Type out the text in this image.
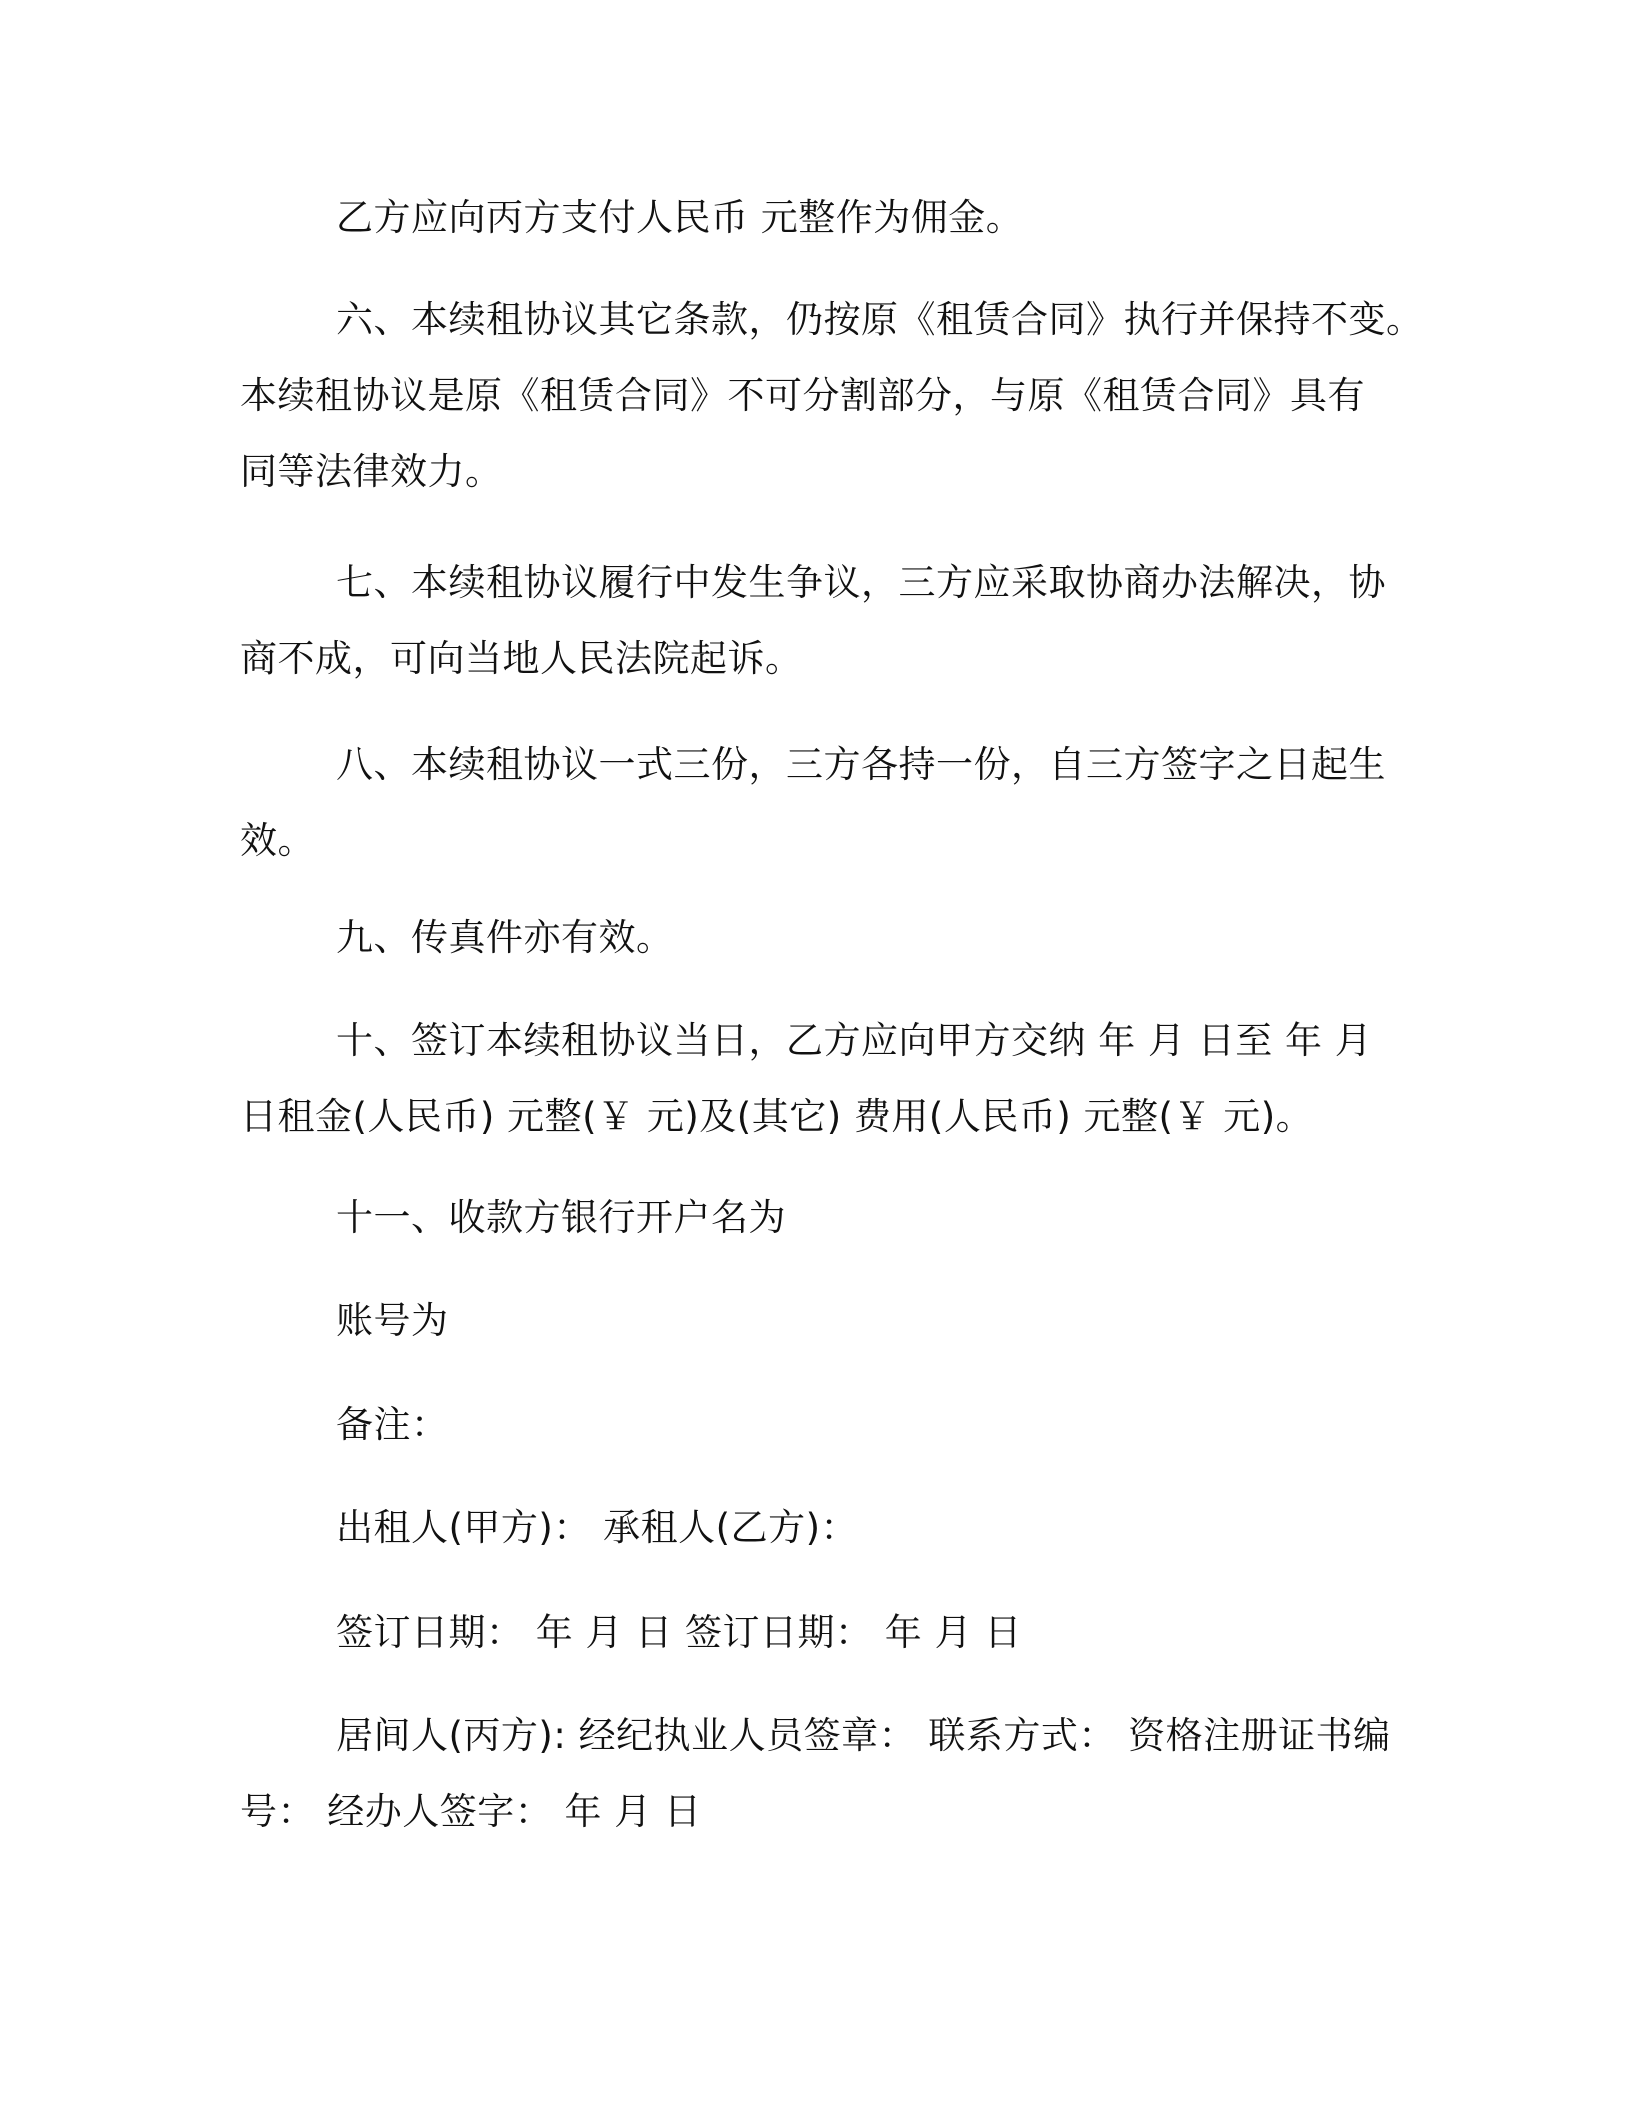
乙方应向丙方支付人民币 元整作为佣金。

六、本续租协议其它条款，仍按原《租赁合同》执行并保持不变。
本续租协议是原《租赁合同》不可分割部分，与原《租赁合同》具有
同等法律效力。

七、本续租协议履行中发生争议，三方应采取协商办法解决，协
商不成，可向当地人民法院起诉。

八、本续租协议一式三份，三方各持一份，自三方签字之日起生
效。

九、传真件亦有效。

十、签订本续租协议当日，乙方应向甲方交纳 年 月 日至 年 月
日租金(人民币) 元整(￥ 元)及(其它) 费用(人民币) 元整(￥ 元)。

十一、收款方银行开户名为

账号为

备注：

出租人(甲方)： 承租人(乙方)：

签订日期： 年 月 日 签订日期： 年 月 日

居间人(丙方): 经纪执业人员签章： 联系方式： 资格注册证书编
号： 经办人签字： 年 月 日
